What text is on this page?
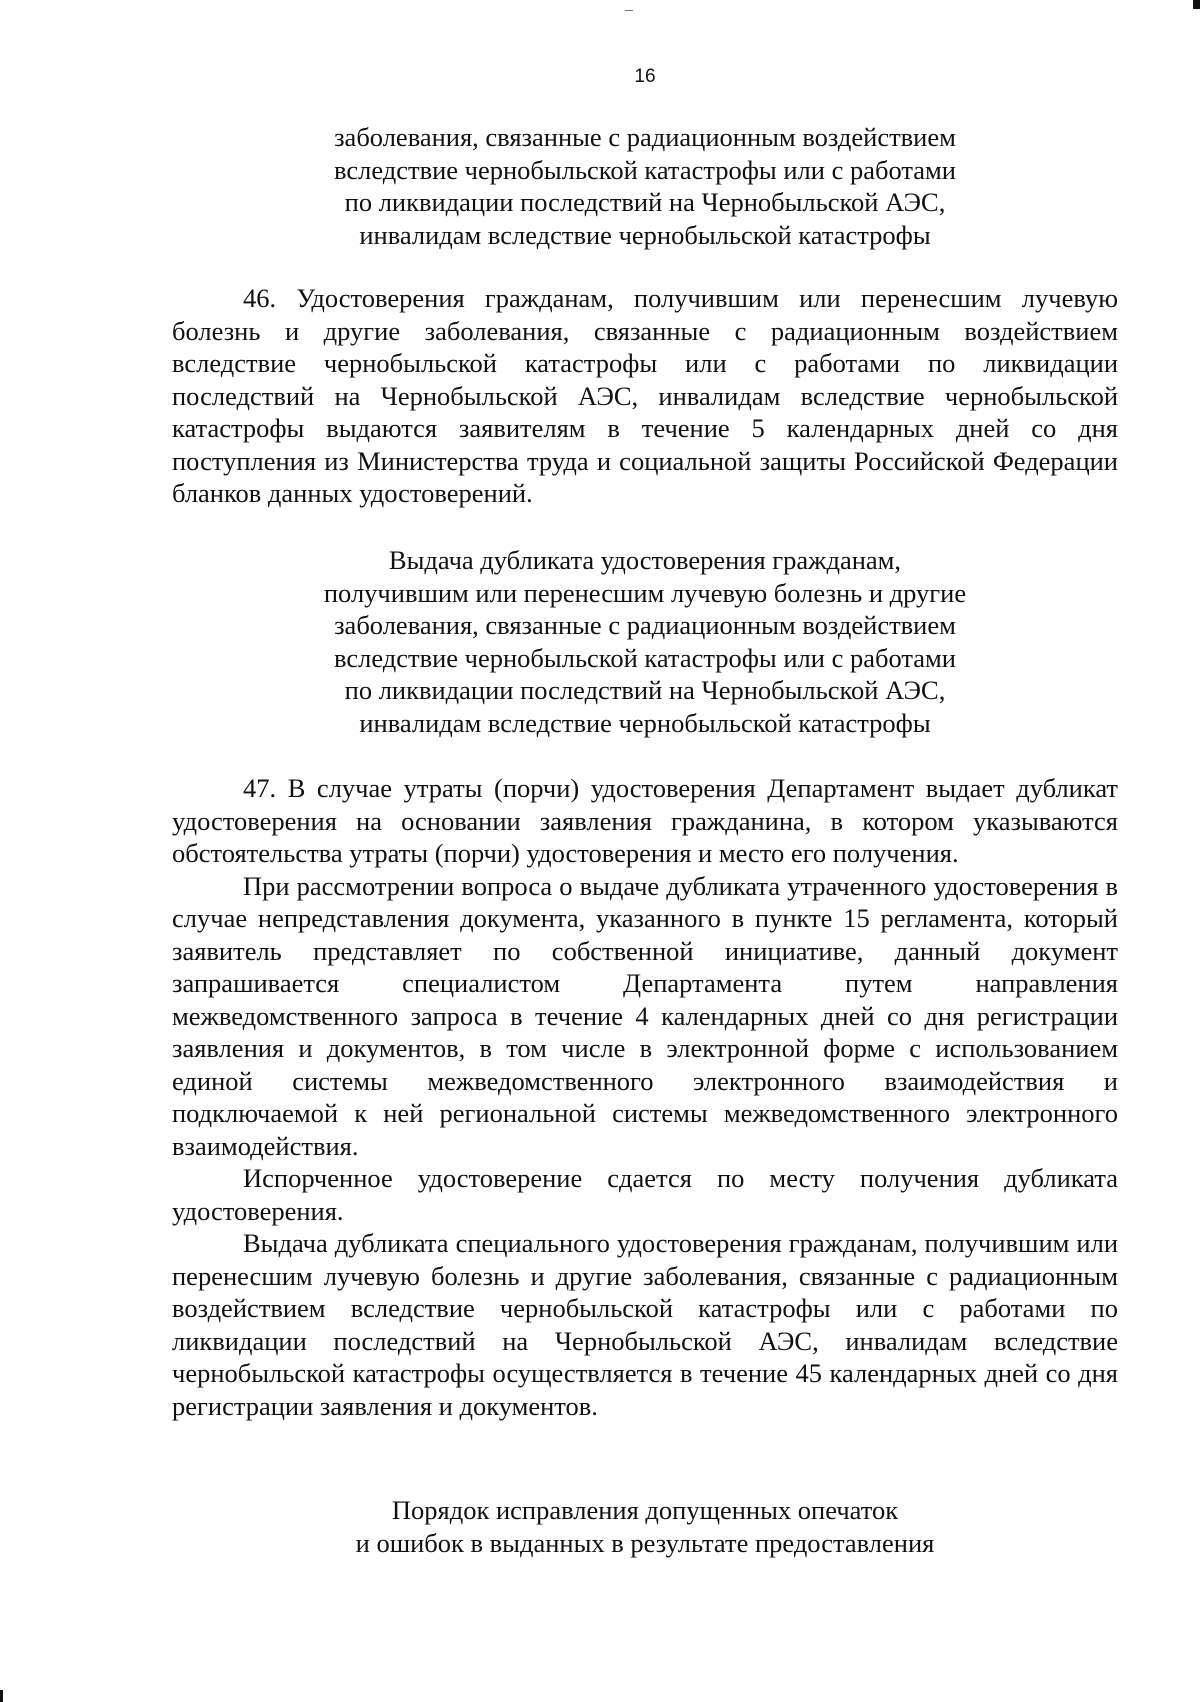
16
заболевания, связанные с радиационным воздействием
вследствие чернобыльской катастрофы или с работами
по ликвидации последствий на Чернобыльской АЭС,
инвалидам вследствие чернобыльской катастрофы

46. Удостоверения гражданам, получившим или перенесшим лучевую болезнь и другие заболевания, связанные с радиационным воздействием вследствие чернобыльской катастрофы или с работами по ликвидации последствий на Чернобыльской АЭС, инвалидам вследствие чернобыльской катастрофы выдаются заявителям в течение 5 календарных дней со дня поступления из Министерства труда и социальной защиты Российской Федерации бланков данных удостоверений.

Выдача дубликата удостоверения гражданам,
получившим или перенесшим лучевую болезнь и другие
заболевания, связанные с радиационным воздействием
вследствие чернобыльской катастрофы или с работами
по ликвидации последствий на Чернобыльской АЭС,
инвалидам вследствие чернобыльской катастрофы

47. В случае утраты (порчи) удостоверения Департамент выдает дубликат удостоверения на основании заявления гражданина, в котором указываются обстоятельства утраты (порчи) удостоверения и место его получения.

При рассмотрении вопроса о выдаче дубликата утраченного удостоверения в случае непредставления документа, указанного в пункте 15 регламента, который заявитель представляет по собственной инициативе, данный документ запрашивается специалистом Департамента путем направления межведомственного запроса в течение 4 календарных дней со дня регистрации заявления и документов, в том числе в электронной форме с использованием единой системы межведомственного электронного взаимодействия и подключаемой к ней региональной системы межведомственного электронного взаимодействия.

Испорченное удостоверение сдается по месту получения дубликата удостоверения.

Выдача дубликата специального удостоверения гражданам, получившим или перенесшим лучевую болезнь и другие заболевания, связанные с радиационным воздействием вследствие чернобыльской катастрофы или с работами по ликвидации последствий на Чернобыльской АЭС, инвалидам вследствие чернобыльской катастрофы осуществляется в течение 45 календарных дней со дня регистрации заявления и документов.

Порядок исправления допущенных опечаток
и ошибок в выданных в результате предоставления
